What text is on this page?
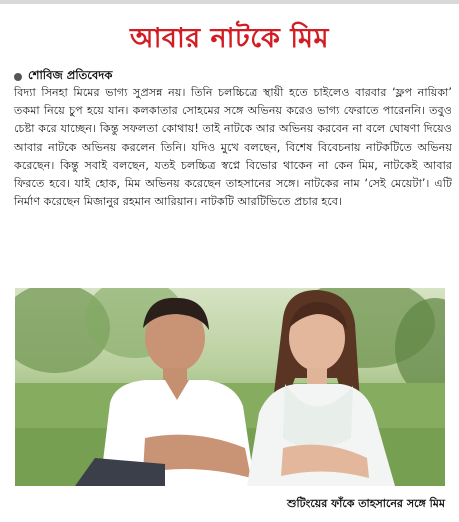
আবার নাটকে মিম
শোবিজ প্রতিবেদক
বিদ্যা সিনহা মিমের ভাগ্য সুপ্রসন্ন নয়। তিনি চলচ্চিত্রে স্থায়ী হতে চাইলেও বারবার ‘ফ্লপ নায়িকা’ তকমা নিয়ে চুপ হয়ে যান। কলকাতার সোহমের সঙ্গে অভিনয় করেও ভাগ্য ফেরাতে পারেননি। তবুও চেষ্টা করে যাচ্ছেন। কিন্তু সফলতা কোথায়! তাই নাটকে আর অভিনয় করবেন না বলে ঘোষণা দিয়েও আবার নাটকে অভিনয় করলেন তিনি। যদিও মুখে বলছেন, বিশেষ বিবেচনায় নাটকটিতে অভিনয় করেছেন। কিন্তু সবাই বলছেন, যতই চলচ্চিত্র স্বপ্নে বিভোর থাকেন না কেন মিম, নাটকেই আবার ফিরতে হবে। যাই হোক, মিম অভিনয় করেছেন তাহসানের সঙ্গে। নাটকের নাম ‘সেই মেয়েটা’। এটি নির্মাণ করেছেন মিজানুর রহমান আরিয়ান। নাটকটি আরটিভিতে প্রচার হবে।
শুটিংয়ের ফাঁকে তাহসানের সঙ্গে মিম
